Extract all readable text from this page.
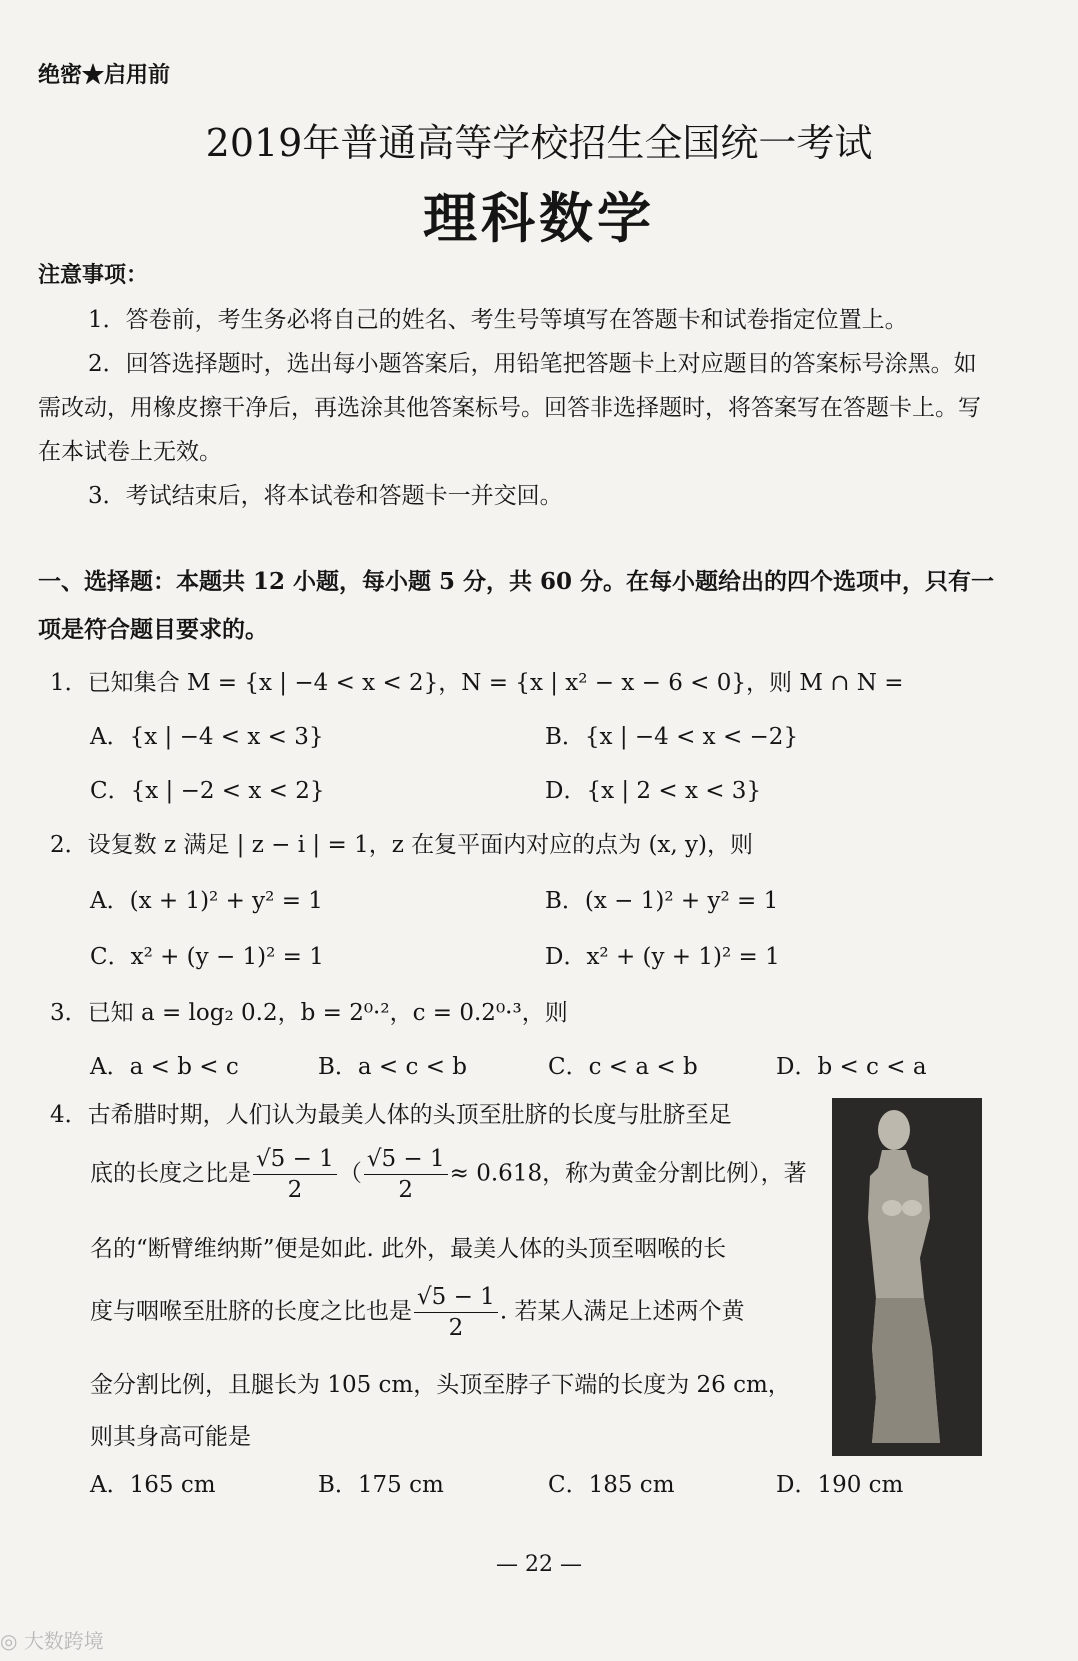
绝密★启用前
2019年普通高等学校招生全国统一考试
理科数学
注意事项：
1．答卷前，考生务必将自己的姓名、考生号等填写在答题卡和试卷指定位置上。
2．回答选择题时，选出每小题答案后，用铅笔把答题卡上对应题目的答案标号涂黑。如需改动，用橡皮擦干净后，再选涂其他答案标号。回答非选择题时，将答案写在答题卡上。写在本试卷上无效。
3．考试结束后，将本试卷和答题卡一并交回。
一、选择题：本题共 12 小题，每小题 5 分，共 60 分。在每小题给出的四个选项中，只有一项是符合题目要求的。
1．已知集合 M = {x | −4 < x < 2}，N = {x | x² − x − 6 < 0}，则 M ∩ N =
A．{x | −4 < x < 3}	B．{x | −4 < x < −2}
C．{x | −2 < x < 2}	D．{x | 2 < x < 3}
2．设复数 z 满足 | z − i | = 1，z 在复平面内对应的点为 (x, y)，则
A．(x + 1)² + y² = 1	B．(x − 1)² + y² = 1
C．x² + (y − 1)² = 1	D．x² + (y + 1)² = 1
3．已知 a = log₂ 0.2，b = 2⁰·²，c = 0.2⁰·³，则
A．a < b < c	B．a < c < b	C．c < a < b	D．b < c < a
4．古希腊时期，人们认为最美人体的头顶至肚脐的长度与肚脐至足
底的长度之比是 $\frac{√5 - 1}{2}$ （ $\frac{√5 - 1}{2} \approx 0.618$，称为黄金分割比例），著
名的“断臂维纳斯”便是如此. 此外，最美人体的头顶至咽喉的长
度与咽喉至肚脐的长度之比也是 $\frac{√5 - 1}{2}$ . 若某人满足上述两个黄
金分割比例，且腿长为 105 cm，头顶至脖子下端的长度为 26 cm，
则其身高可能是
A．165 cm	B．175 cm	C．185 cm	D．190 cm
— 22 —
◎ 大数跨境
